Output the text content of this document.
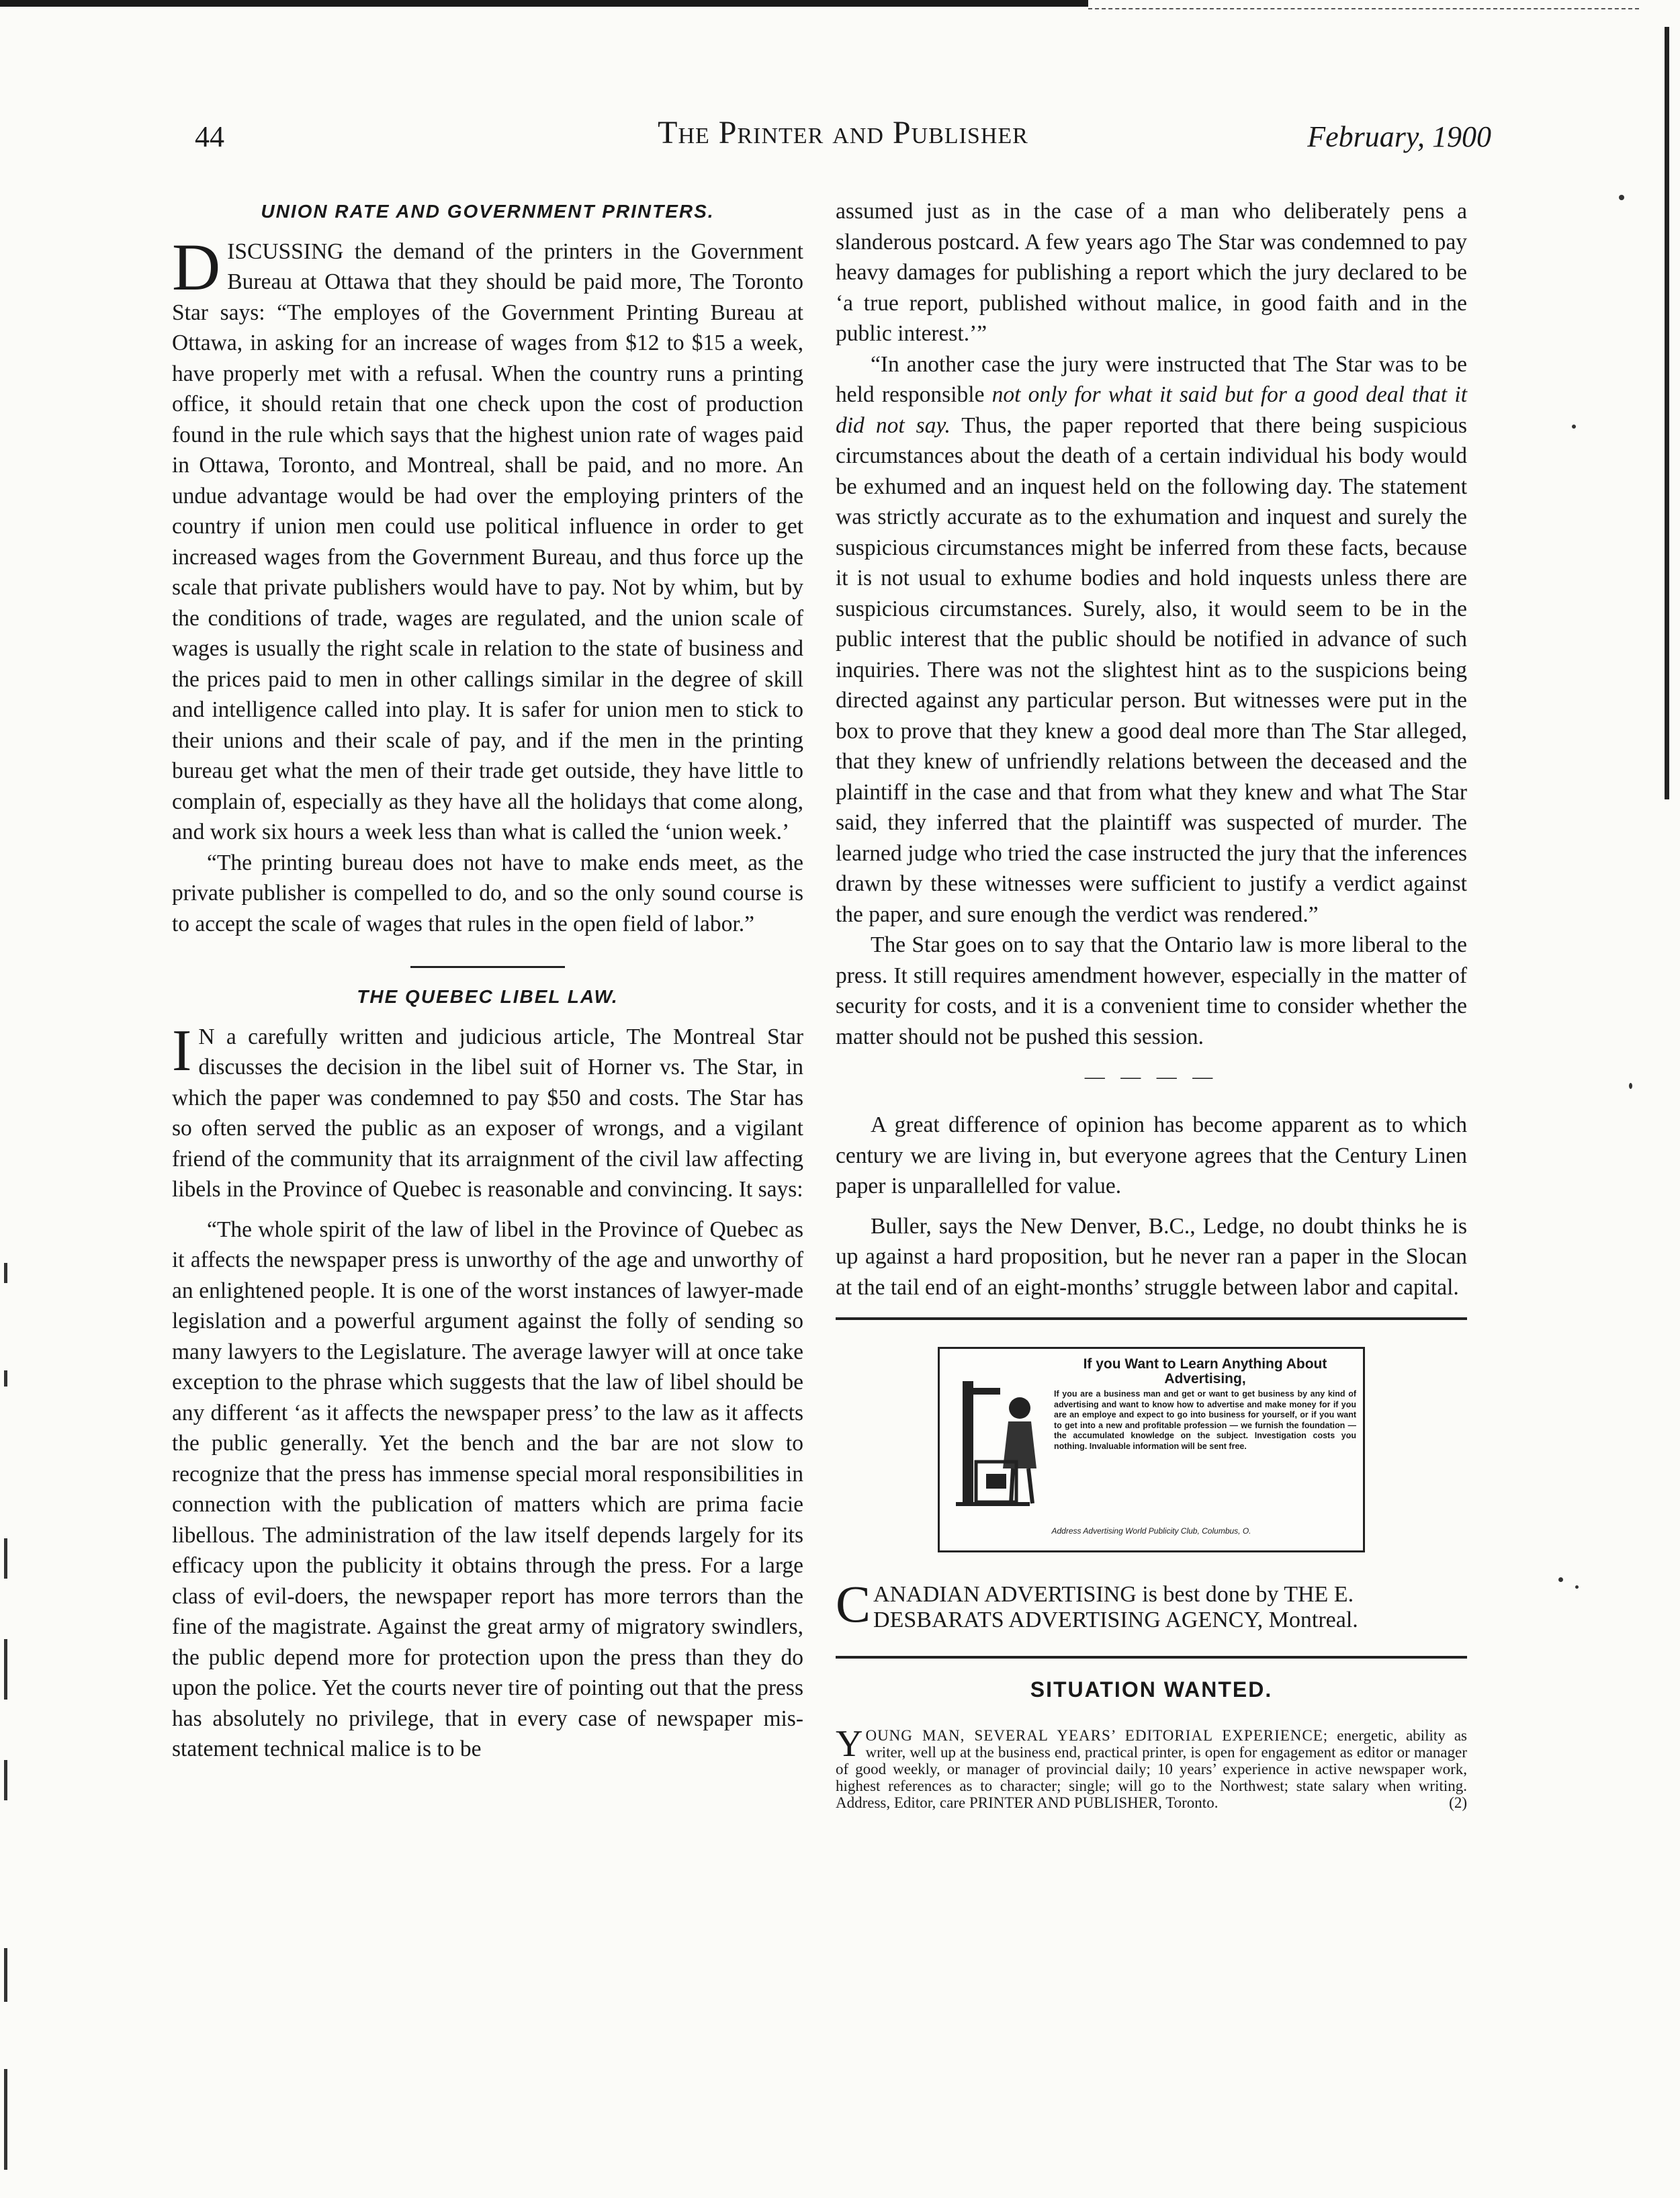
44	The Printer and Publisher	February, 1900
UNION RATE AND GOVERNMENT PRINTERS.

DISCUSSING the demand of the printers in the Government Bureau at Ottawa that they should be paid more, The Toronto Star says: “The employes of the Government Printing Bureau at Ottawa, in asking for an increase of wages from $12 to $15 a week, have properly met with a refusal. When the country runs a printing office, it should retain that one check upon the cost of production found in the rule which says that the highest union rate of wages paid in Ottawa, Toronto, and Montreal, shall be paid, and no more. An undue advantage would be had over the employing printers of the country if union men could use political influence in order to get increased wages from the Government Bureau, and thus force up the scale that private publishers would have to pay. Not by whim, but by the conditions of trade, wages are regulated, and the union scale of wages is usually the right scale in relation to the state of business and the prices paid to men in other callings similar in the degree of skill and intelligence called into play. It is safer for union men to stick to their unions and their scale of pay, and if the men in the printing bureau get what the men of their trade get outside, they have little to complain of, especially as they have all the holidays that come along, and work six hours a week less than what is called the ‘union week.’

“The printing bureau does not have to make ends meet, as the private publisher is compelled to do, and so the only sound course is to accept the scale of wages that rules in the open field of labor.”

THE QUEBEC LIBEL LAW.

I N a carefully written and judicious article, The Montreal Star discusses the decision in the libel suit of Horner vs. The Star, in which the paper was condemned to pay $50 and costs. The Star has so often served the public as an exposer of wrongs, and a vigilant friend of the community that its arraignment of the civil law affecting libels in the Province of Quebec is reasonable and convincing. It says:

“The whole spirit of the law of libel in the Province of Quebec as it affects the newspaper press is unworthy of the age and unworthy of an enlightened people. It is one of the worst instances of lawyer-made legislation and a powerful argument against the folly of sending so many lawyers to the Legislature. The average lawyer will at once take exception to the phrase which suggests that the law of libel should be any different ‘as it affects the newspaper press’ to the law as it affects the public generally. Yet the bench and the bar are not slow to recognize that the press has immense special moral responsibilities in connection with the publication of matters which are prima facie libellous. The administration of the law itself depends largely for its efficacy upon the publicity it obtains through the press. For a large class of evil-doers, the newspaper report has more terrors than the fine of the magistrate. Against the great army of migratory swindlers, the public depend more for protection upon the press than they do upon the police. Yet the courts never tire of pointing out that the press has absolutely no privilege, that in every case of newspaper mis-statement technical malice is to be

assumed just as in the case of a man who deliberately pens a slanderous postcard. A few years ago The Star was condemned to pay heavy damages for publishing a report which the jury declared to be ‘a true report, published without malice, in good faith and in the public interest.’”

“In another case the jury were instructed that The Star was to be held responsible not only for what it said but for a good deal that it did not say. Thus, the paper reported that there being suspicious circumstances about the death of a certain individual his body would be exhumed and an inquest held on the following day. The statement was strictly accurate as to the exhumation and inquest and surely the suspicious circumstances might be inferred from these facts, because it is not usual to exhume bodies and hold inquests unless there are suspicious circumstances. Surely, also, it would seem to be in the public interest that the public should be notified in advance of such inquiries. There was not the slightest hint as to the suspicions being directed against any particular person. But witnesses were put in the box to prove that they knew a good deal more than The Star alleged, that they knew of unfriendly relations between the deceased and the plaintiff in the case and that from what they knew and what The Star said, they inferred that the plaintiff was suspected of murder. The learned judge who tried the case instructed the jury that the inferences drawn by these witnesses were sufficient to justify a verdict against the paper, and sure enough the verdict was rendered.”

The Star goes on to say that the Ontario law is more liberal to the press. It still requires amendment however, especially in the matter of security for costs, and it is a convenient time to consider whether the matter should not be pushed this session.

— — — —

A great difference of opinion has become apparent as to which century we are living in, but everyone agrees that the Century Linen paper is unparallelled for value.

Buller, says the New Denver, B.C., Ledge, no doubt thinks he is up against a hard proposition, but he never ran a paper in the Slocan at the tail end of an eight-months’ struggle between labor and capital.

If you Want to Learn Anything About Advertising,
If you are a business man and get or want to get business by any kind of advertising and want to know how to advertise and make money for if you are an employe and expect to go into business for yourself, or if you want to get into a new and profitable profession — we furnish the foundation — the accumulated knowledge on the subject. Investigation costs you nothing. Invaluable information will be sent free.
Address Advertising World Publicity Club, Columbus, O.
CANADIAN ADVERTISING is best done by THE E. DESBARATS ADVERTISING AGENCY, Montreal.
SITUATION WANTED.
YOUNG MAN, SEVERAL YEARS’ EDITORIAL EXPERIENCE; energetic, ability as writer, well up at the business end, practical printer, is open for engagement as editor or manager of good weekly, or manager of provincial daily; 10 years’ experience in active newspaper work, highest references as to character; single; will go to the Northwest; state salary when writing. Address, Editor, care PRINTER AND PUBLISHER, Toronto.	(2)
